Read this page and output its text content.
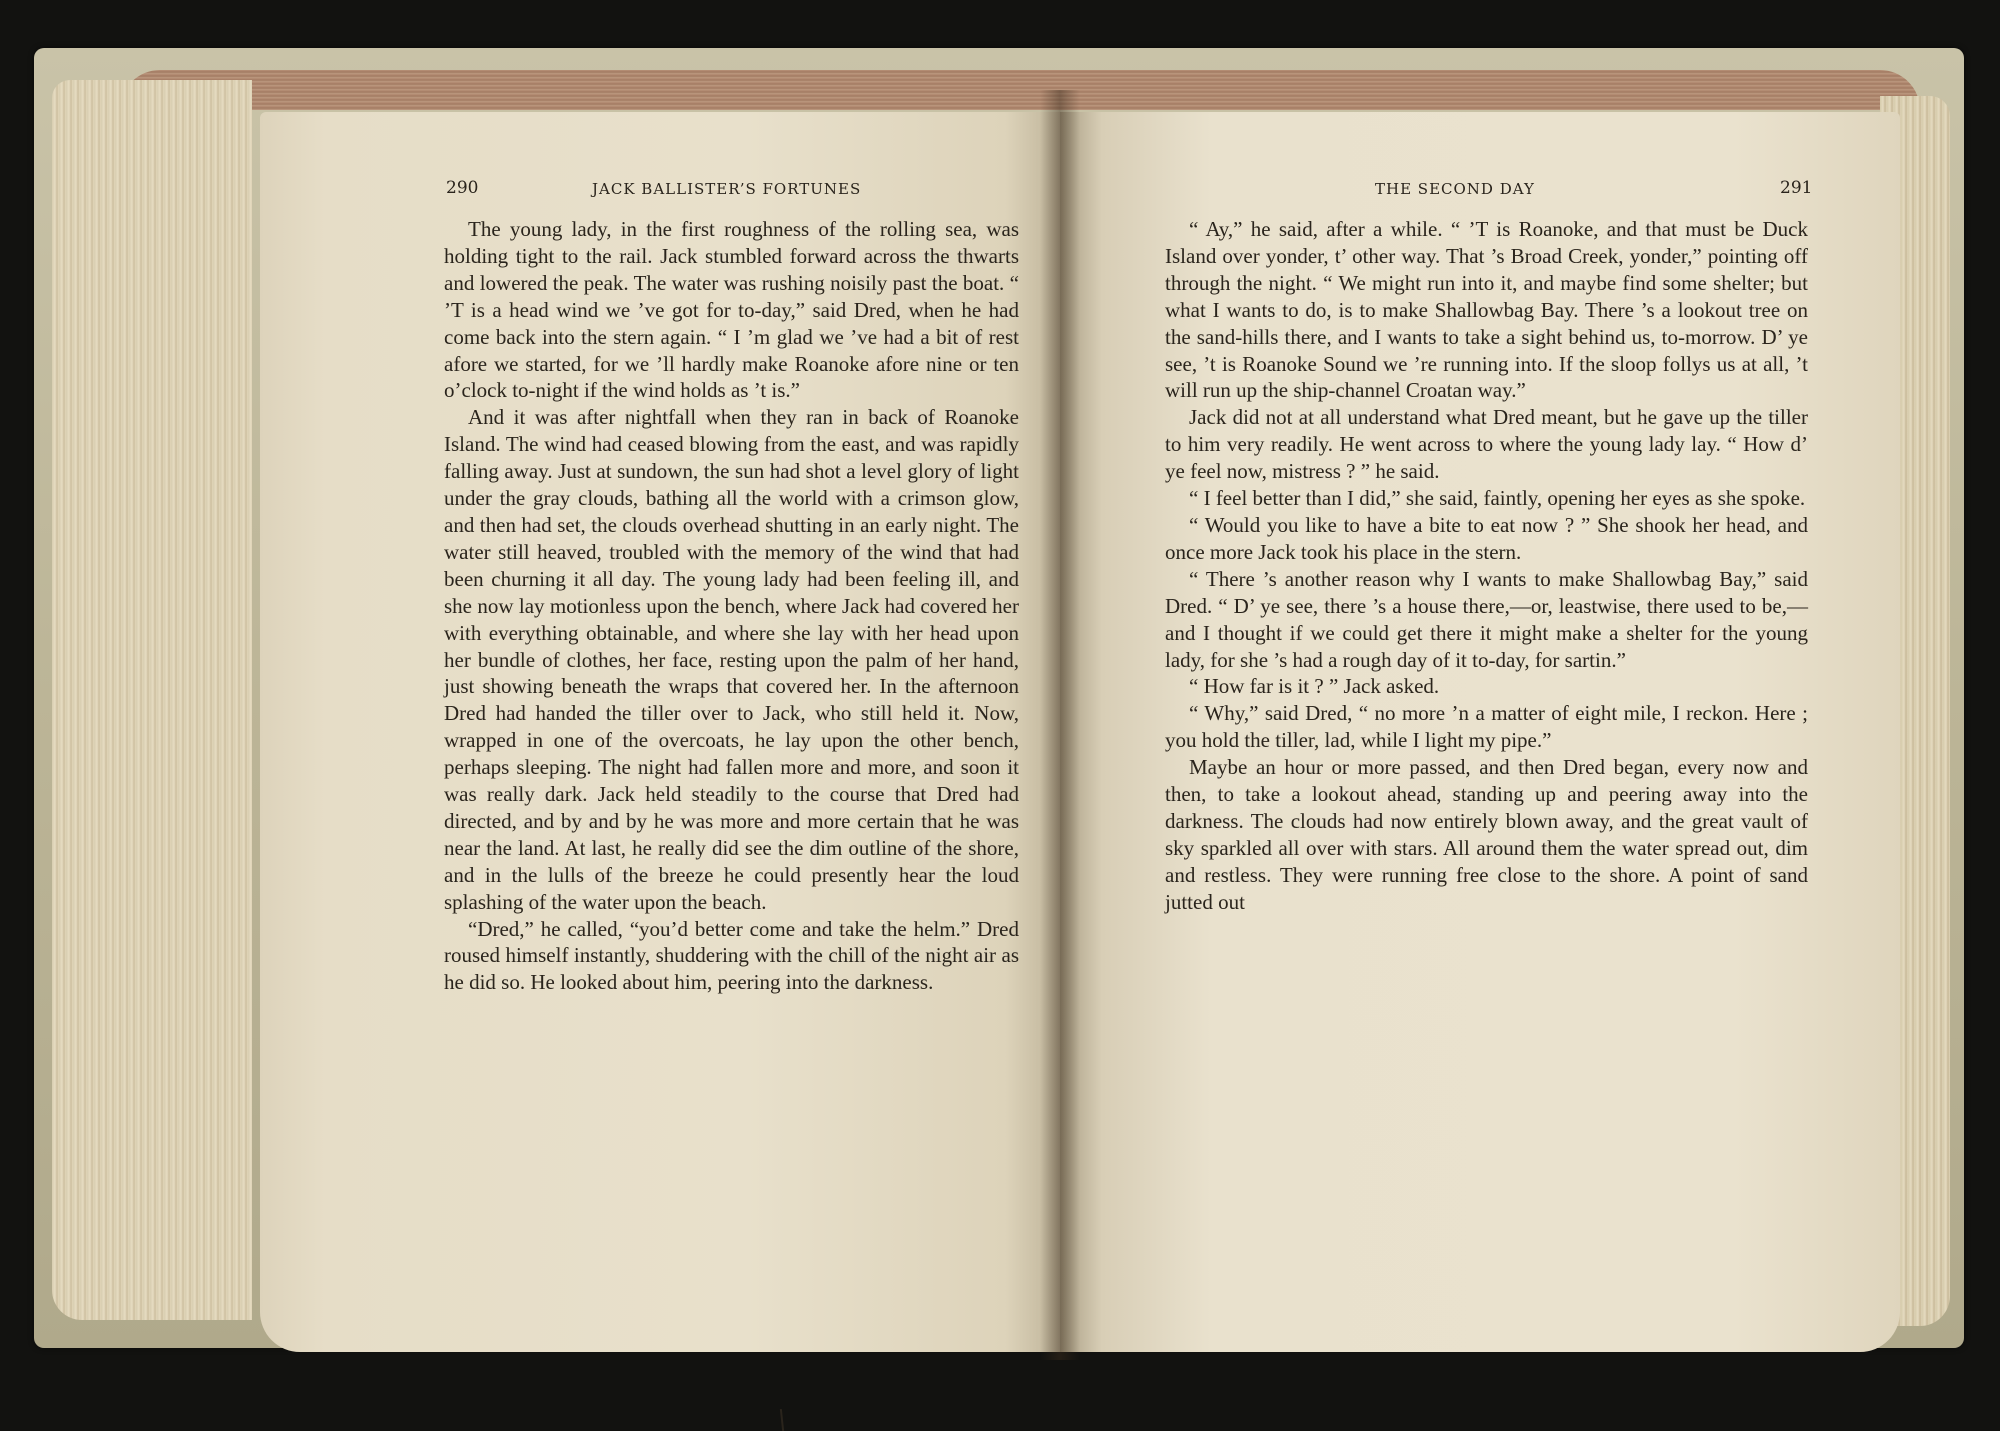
290	JACK BALLISTER’S FORTUNES

The young lady, in the first roughness of the rolling sea, was holding tight to the rail. Jack stumbled forward across the thwarts and lowered the peak. The water was rushing noisily past the boat. “ ’T is a head wind we ’ve got for to-day,” said Dred, when he had come back into the stern again. “ I ’m glad we ’ve had a bit of rest afore we started, for we ’ll hardly make Roanoke afore nine or ten o’clock to-night if the wind holds as ’t is.”

And it was after nightfall when they ran in back of Roanoke Island. The wind had ceased blowing from the east, and was rapidly falling away. Just at sundown, the sun had shot a level glory of light under the gray clouds, bathing all the world with a crimson glow, and then had set, the clouds overhead shutting in an early night. The water still heaved, troubled with the memory of the wind that had been churning it all day. The young lady had been feeling ill, and she now lay motionless upon the bench, where Jack had covered her with everything obtainable, and where she lay with her head upon her bundle of clothes, her face, resting upon the palm of her hand, just showing beneath the wraps that covered her. In the afternoon Dred had handed the tiller over to Jack, who still held it. Now, wrapped in one of the overcoats, he lay upon the other bench, perhaps sleeping. The night had fallen more and more, and soon it was really dark. Jack held steadily to the course that Dred had directed, and by and by he was more and more certain that he was near the land. At last, he really did see the dim outline of the shore, and in the lulls of the breeze he could presently hear the loud splashing of the water upon the beach.

“Dred,” he called, “you’d better come and take the helm.” Dred roused himself instantly, shuddering with the chill of the night air as he did so. He looked about him, peering into the darkness.

THE SECOND DAY	291

“ Ay,” he said, after a while. “ ’T is Roanoke, and that must be Duck Island over yonder, t’ other way. That ’s Broad Creek, yonder,” pointing off through the night. “ We might run into it, and maybe find some shelter; but what I wants to do, is to make Shallowbag Bay. There ’s a lookout tree on the sand-hills there, and I wants to take a sight behind us, to-morrow. D’ ye see, ’t is Roanoke Sound we ’re running into. If the sloop follys us at all, ’t will run up the ship-channel Croatan way.”

Jack did not at all understand what Dred meant, but he gave up the tiller to him very readily. He went across to where the young lady lay. “ How d’ ye feel now, mistress ? ” he said.

“ I feel better than I did,” she said, faintly, opening her eyes as she spoke.

“ Would you like to have a bite to eat now ? ” She shook her head, and once more Jack took his place in the stern.

“ There ’s another reason why I wants to make Shallowbag Bay,” said Dred. “ D’ ye see, there ’s a house there,—or, leastwise, there used to be,—and I thought if we could get there it might make a shelter for the young lady, for she ’s had a rough day of it to-day, for sartin.”

“ How far is it ? ” Jack asked.

“ Why,” said Dred, “ no more ’n a matter of eight mile, I reckon. Here ; you hold the tiller, lad, while I light my pipe.”

Maybe an hour or more passed, and then Dred began, every now and then, to take a lookout ahead, standing up and peering away into the darkness. The clouds had now entirely blown away, and the great vault of sky sparkled all over with stars. All around them the water spread out, dim and restless. They were running free close to the shore. A point of sand jutted out
